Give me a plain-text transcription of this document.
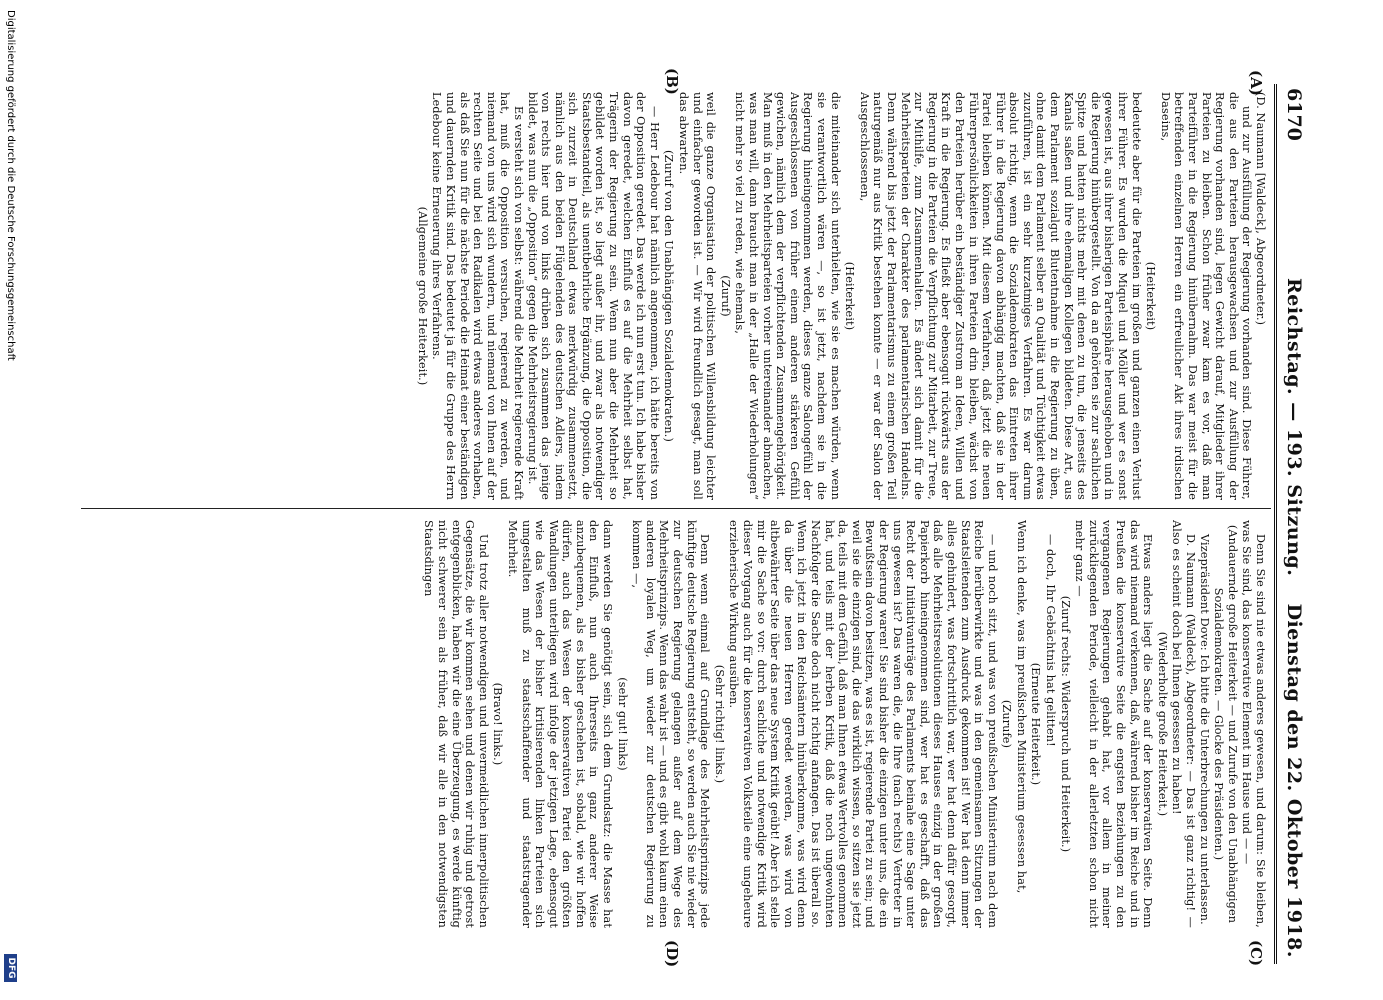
6170
Reichstag. — 193. Sitzung.
Dienstag den 22. Oktober 1918.
(A)
(B)
(C)
(D)

(D. Naumann [Waldeck], Abgeordneter.)

und zur Ausfüllung der Regierung vorhanden sind. Diese Führer, die aus den Parteien herausgewachsen und zur Ausfüllung der Regierung vorhanden sind, legen Gewicht darauf, Mitglieder ihrer Parteien zu bleiben. Schon früher zwar kam es vor, daß man Parteiführer in die Regierung hinübernahm. Das war meist für die betreffenden einzelnen Herren ein erfreulicher Akt ihres irdischen Daseins,

(Heiterkeit)

bedeutete aber für die Parteien im großen und ganzen einen Verlust ihrer Führer. Es wurden die Miquel und Möller und wer es sonst gewesen ist, aus ihrer bisherigen Parteisphäre herausgehoben und in die Regierung hinübergestellt. Von da an gehörten sie zur sachlichen Spitze und hatten nichts mehr mit denen zu tun, die jenseits des Kanals saßen und ihre ehemaligen Kollegen bildeten. Diese Art, aus dem Parlament sozialgut Blutentnahme in die Regierung zu üben, ohne damit dem Parlament selber an Qualität und Tüchtigkeit etwas zuzuführen, ist ein sehr kurzatmiges Verfahren. Es war darum absolut richtig, wenn die Sozialdemokraten das Eintreten ihrer Führer in die Regierung davon abhängig machten, daß sie in der Partei bleiben können. Mit diesem Verfahren, daß jetzt die neuen Führerpersönlichkeiten in ihren Parteien drin bleiben, wächst von den Parteien herüber ein beständiger Zustrom an Ideen, Willen und Kraft in die Regierung. Es fließt aber ebensogut rückwärts aus der Regierung in die Parteien die Verpflichtung zur Mitarbeit, zur Treue, zur Mithilfe, zum Zusammenhalten. Es ändert sich damit für die Mehrheitsparteien der Charakter des parlamentarischen Handelns. Denn während bis jetzt der Parlamentarismus zu einem großen Teil naturgemäß nur aus Kritik bestehen konnte — er war der Salon der Ausgeschlossenen,

(Heiterkeit)

die miteinander sich unterhielten, wie sie es machen würden, wenn sie verantwortlich wären —, so ist jetzt, nachdem sie in die Regierung hineingenommen werden, dieses ganze Salongefühl der Ausgeschlossenen von früher einem anderen stärkeren Gefühl gewichen, nämlich dem der verpflichtenden Zusammengehörigkeit. Man muß in den Mehrheitsparteien vorher untereinander abmachen, was man will, dann braucht man in der „Halle der Wiederholungen“ nicht mehr so viel zu reden, wie ehemals,

(Zuruf)

weil die ganze Organisation der politischen Willensbildung leichter und einfacher geworden ist. — Wir wird freundlich gesagt, man soll das abwarten.

(Zuruf von den Unabhängigen Sozialdemokraten.)

— Herr Ledebour hat nämlich angenommen, ich hätte bereits von der Opposition geredet. Das werde ich nun erst tun. Ich habe bisher davon geredet, welchen Einfluß es auf die Mehrheit selbst hat, Trägerin der Regierung zu sein. Wenn nun aber die Mehrheit so gebildet worden ist, so liegt außer ihr, und zwar als notwendiger Staatsbestandteil, als unentbehrliche Ergänzung, die Opposition, die sich zurzeit in Deutschland etwas merkwürdig zusammensetzt, nämlich aus den beiden Flügelenden des deutschen Adlers, indem von rechts hier und von links drüben sich zusammen das jenige bildet, was nun die „Opposition“ gegen die Mehrheitsregierung ist.

Es versteht sich von selbst: während die Mehrheit regierende Kraft hat, muß die Opposition versuchen, regierend zu werden, und niemand von uns wird sich wundern, und niemand von Ihnen auf der rechten Seite und bei den Radikalen wird etwas anderes vorhaben, als daß Sie nun für die nächste Periode die Heimat einer beständigen und dauernden Kritik sind. Das bedeutet ja für die Gruppe des Herrn Ledebour keine Erneuerung ihres Verfahrens.

(Allgemeine große Heiterkeit.)

Denn Sie sind nie etwas anderes gewesen, und darum: Sie bleiben, was Sie sind, das konservative Element im Hause und — —

(Andauernde große Heiterkeit — und Zurufe von den Unabhängigen Sozialdemokraten. — Glocke des Präsidenten.)

Vizepräsident Dove: Ich bitte die Unterbrechungen zu unterlassen.

D. Naumann (Waldeck), Abgeordneter: — Das ist ganz richtig! — Also es scheint doch bei Ihnen gesessen zu haben!

(Wiederholte große Heiterkeit.)

Etwas anders liegt die Sache auf der konservativen Seite. Denn das wird niemand verkennen, daß, während bisher im Reiche und in Preußen die konservative Seite die engsten Beziehungen zu den vergangenen Regierungen gehabt hat, vor allem in meiner zurückliegenden Periode, vielleicht in der allerletzten schon nicht mehr ganz —

(Zuruf rechts: Widerspruch und Heiterkeit.)

— doch, Ihr Gebächtnis hat gelitten!

(Erneute Heiterkeit.)

Wenn ich denke, was im preußischen Ministerium gesessen hat,

(Zurufe)

— und noch sitzt, und was von preußischen Ministerium nach dem Reiche herüberwirkte und was in den gemeinsamen Sitzungen der Staatsleitenden zum Ausdruck gekommen ist! Wer hat denn immer alles gehindert, was fortschrittlich war, wer hat denn dafür gesorgt, daß alle Mehrheitsresolutionen dieses Hauses einzig in der großen Papierkorb hineingenommen sind, wer hat es geschafft, daß das Recht der Initiativanträge des Parlaments beinahe eine Sage unter uns gewesen ist? Das waren die, die Ihre (nach rechts) Vertreter in der Regierung waren! Sie sind bisher die einzigen unter uns, die ein Bewußtsein davon besitzen, was es ist, regierende Partei zu sein; und weil sie die einzigen sind, die das wirklich wissen, so sitzen sie jetzt da, teils mit dem Gefühl, daß man Ihnen etwas Wertvolles genommen hat, und teils mit der herben Kritik, daß die noch ungewohnten Nachfolger die Sache doch nicht richtig anfangen. Das ist überall so. Wenn ich jetzt in den Reichsämtern hinüberkomme, was wird denn da über die neuen Herren geredet werden, was wird von altbewährter Seite über das neue System Kritik geübt! Aber ich stelle mir die Sache so vor: durch sachliche und notwendige Kritik wird dieser Vorgang auch für die konservativen Volksteile eine ungeheure erzieherische Wirkung ausüben.

(Sehr richtig! links.)

Denn wenn einmal auf Grundlage des Mehrheitsprinzips jede künftige deutsche Regierung entsteht, so werden auch Sie nie wieder zur deutschen Regierung gelangen außer auf dem Wege des Mehrheitsprinzips. Wenn das wahr ist — und es gibt wohl kaum einen anderen loyalen Weg, um wieder zur deutschen Regierung zu kommen —,

(sehr gut! links)

dann werden Sie genötigt sein, sich dem Grundsatz: die Masse hat den Einfluß, nun auch Ihrerseits in ganz anderer Weise anzubequemen, als es bisher geschehen ist, sobald, wie wir hoffen dürfen, auch das Wesen der konservativen Partei den größten Wandlungen unterliegen wird infolge der jetzigen Lage, ebensogut wie das Wesen der bisher kritisierenden linken Parteien sich umgestalten muß zu staatsschaffender und staatstragender Mehrheit.

(Bravo! links.)

Und trotz aller notwendigen und unvermeidlichen innerpolitischen Gegensätze, die wir kommen sehen und denen wir ruhig und getrost entgegenblicken, haben wir die eine Überzeugung, es werde künftig nicht schwerer sein als früher, daß wir alle in den notwendigsten Staatsdingen

Digitalisierung gefördert durch die Deutsche Forschungsgemeinschaft
DFG
